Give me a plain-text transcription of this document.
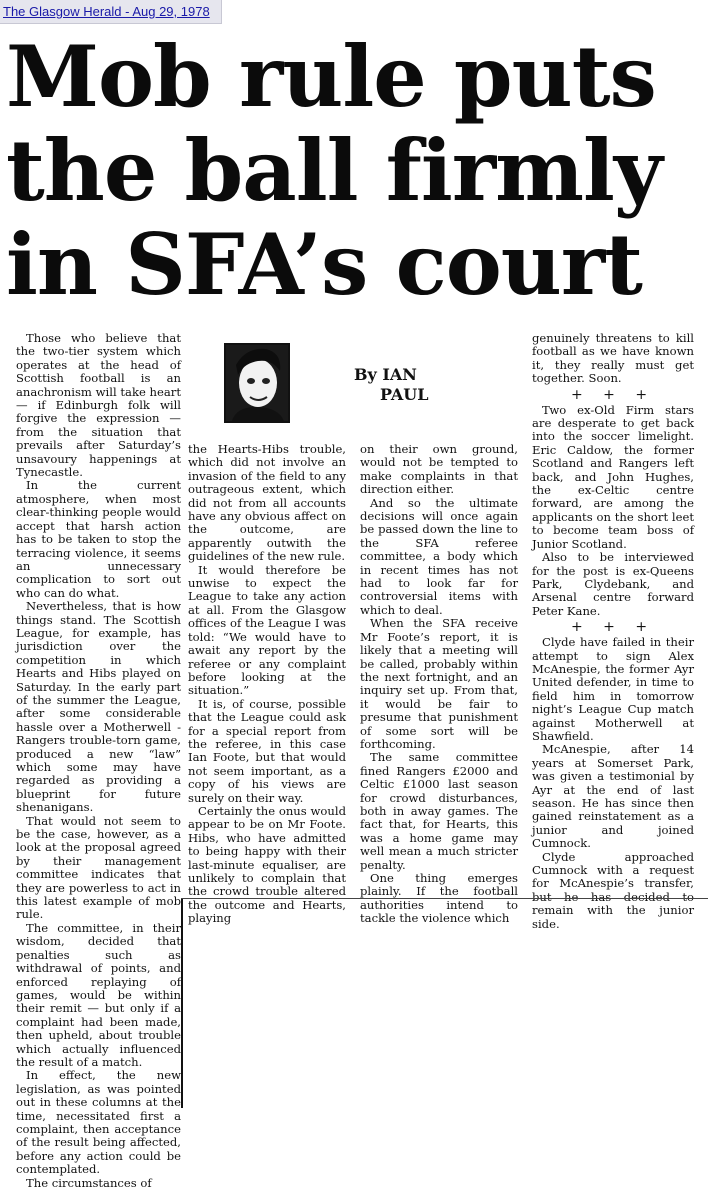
The Glasgow Herald - Aug 29, 1978
Mob rule puts
the ball firmly
in SFA’s court
By IAN
PAUL

Those who believe that the two-tier system which operates at the head of Scottish football is an anachronism will take heart — if Edinburgh folk will forgive the expression — from the situation that prevails after Saturday’s unsavoury happenings at Tynecastle.

In the current atmosphere, when most clear-thinking people would accept that harsh action has to be taken to stop the terracing violence, it seems an unnecessary complication to sort out who can do what.

Nevertheless, that is how things stand. The Scottish League, for example, has jurisdiction over the competition in which Hearts and Hibs played on Saturday. In the early part of the summer the League, after some considerable hassle over a Motherwell - Rangers trouble-torn game, produced a new “law” which some may have regarded as providing a blueprint for future shenanigans.

That would not seem to be the case, however, as a look at the proposal agreed by their management committee indicates that they are powerless to act in this latest example of mob rule.

The committee, in their wisdom, decided that penalties such as withdrawal of points, and enforced replaying of games, would be within their remit — but only if a complaint had been made, then upheld, about trouble which actually influenced the result of a match.

In effect, the new legislation, as was pointed out in these columns at the time, necessitated first a complaint, then acceptance of the result being affected, before any action could be contemplated.

The circumstances of

the Hearts-Hibs trouble, which did not involve an invasion of the field to any outrageous extent, which did not from all accounts have any obvious affect on the outcome, are apparently outwith the guidelines of the new rule.

It would therefore be unwise to expect the League to take any action at all. From the Glasgow offices of the League I was told: “We would have to await any report by the referee or any complaint before looking at the situation.”

It is, of course, possible that the League could ask for a special report from the referee, in this case Ian Foote, but that would not seem important, as a copy of his views are surely on their way.

Certainly the onus would appear to be on Mr Foote. Hibs, who have admitted to being happy with their last-minute equaliser, are unlikely to complain that the crowd trouble altered the outcome and Hearts, playing

on their own ground, would not be tempted to make complaints in that direction either.

And so the ultimate decisions will once again be passed down the line to the SFA referee committee, a body which in recent times has not had to look far for controversial items with which to deal.

When the SFA receive Mr Foote’s report, it is likely that a meeting will be called, probably within the next fortnight, and an inquiry set up. From that, it would be fair to presume that punishment of some sort will be forthcoming.

The same committee fined Rangers £2000 and Celtic £1000 last season for crowd disturbances, both in away games. The fact that, for Hearts, this was a home game may well mean a much stricter penalty.

One thing emerges plainly. If the football authorities intend to tackle the violence which

genuinely threatens to kill football as we have known it, they really must get together. Soon.

+ + +

Two ex-Old Firm stars are desperate to get back into the soccer limelight. Eric Caldow, the former Scotland and Rangers left back, and John Hughes, the ex-Celtic centre forward, are among the applicants on the short leet to become team boss of Junior Scotland.

Also to be interviewed for the post is ex-Queens Park, Clydebank, and Arsenal centre forward Peter Kane.

+ + +

Clyde have failed in their attempt to sign Alex McAnespie, the former Ayr United defender, in time to field him in tomorrow night’s League Cup match against Motherwell at Shawfield.

McAnespie, after 14 years at Somerset Park, was given a testimonial by Ayr at the end of last season. He has since then gained reinstatement as a junior and joined Cumnock.

Clyde approached Cumnock with a request for McAnespie’s transfer, but he has decided to remain with the junior side.
